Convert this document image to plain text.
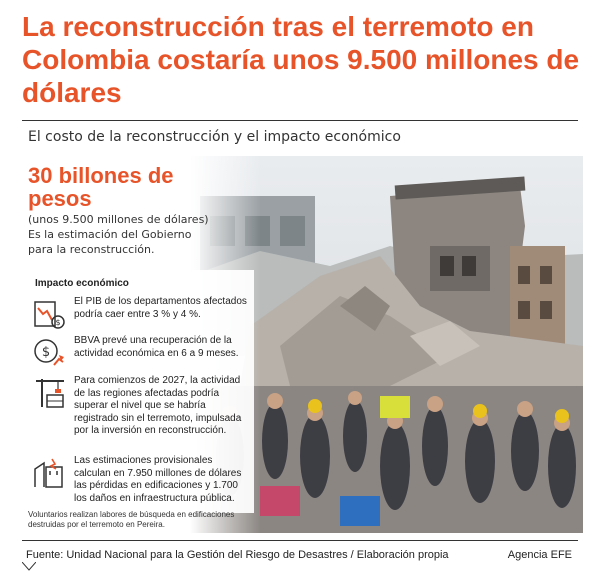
La reconstrucción tras el terremoto en Colombia costaría unos 9.500 millones de dólares
El costo de la reconstrucción y el impacto económico
30 billones de pesos
(unos 9.500 millones de dólares)
Es la estimación del Gobierno para la reconstrucción.
Impacto económico
$
El PIB de los departamentos afectados podría caer entre 3 % y 4 %.
$
BBVA prevé una recuperación de la actividad económica en 6 a 9 meses.
Para comienzos de 2027, la actividad de las regiones afectadas podría superar el nivel que se habría registrado sin el terremoto, impulsada por la inversión en reconstrucción.
Las estimaciones provisionales calculan en 7.950 millones de dólares las pérdidas en edificaciones y 1.700 los daños en infraestructura pública.
Voluntarios realizan labores de búsqueda en edificaciones destruidas por el terremoto en Pereira.
Fuente: Unidad Nacional para la Gestión del Riesgo de Desastres / Elaboración propia	Agencia EFE
